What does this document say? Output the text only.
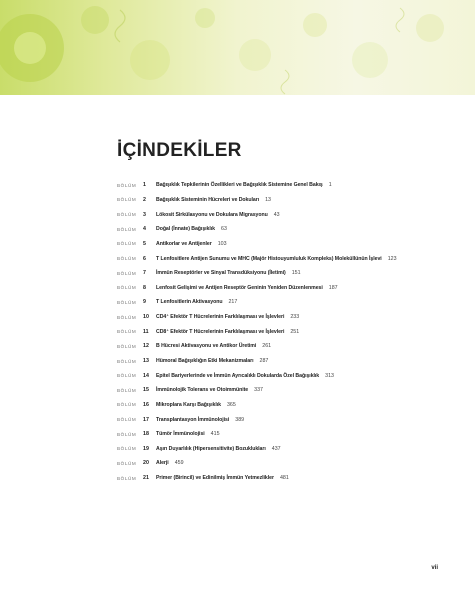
İÇİNDEKİLER
BÖLÜM	1	Bağışıklık Tepkilerinin Özellikleri ve Bağışıklık Sistemine Genel Bakış 1
BÖLÜM	2	Bağışıklık Sisteminin Hücreleri ve Dokuları 13
BÖLÜM	3	Lökosit Sirkülasyonu ve Dokulara Migrasyonu 43
BÖLÜM	4	Doğal (İnnate) Bağışıklık 63
BÖLÜM	5	Antikorlar ve Antijenler 103
BÖLÜM	6	T Lenfositlere Antijen Sunumu ve MHC (Majör Histouyumluluk Kompleks) Moleküllünün İşlevi 123
BÖLÜM	7	İmmün Reseptörler ve Sinyal Transdüksiyonu (İletimi) 151
BÖLÜM	8	Lenfosit Gelişimi ve Antijen Reseptör Geninin Yeniden Düzenlenmesi 187
BÖLÜM	9	T Lenfositlerin Aktivasyonu 217
BÖLÜM	10	CD4⁺ Efektör T Hücrelerinin Farklılaşması ve İşlevleri 233
BÖLÜM	11	CD8⁺ Efektör T Hücrelerinin Farklılaşması ve İşlevleri 251
BÖLÜM	12	B Hücresi Aktivasyonu ve Antikor Üretimi 261
BÖLÜM	13	Hümoral Bağışıklığın Etki Mekanizmaları 287
BÖLÜM	14	Epitel Bariyerlerinde ve İmmün Ayrıcalıklı Dokularda Özel Bağışıklık 313
BÖLÜM	15	İmmünolojik Tolerans ve Otoimmünite 337
BÖLÜM	16	Mikroplara Karşı Bağışıklık 365
BÖLÜM	17	Transplantasyon İmmünolojisi 389
BÖLÜM	18	Tümör İmmünolojisi 415
BÖLÜM	19	Aşırı Duyarlılık (Hipersensitivite) Bozuklukları 437
BÖLÜM	20	Alerji 459
BÖLÜM	21	Primer (Birincil) ve Edinilmiş İmmün Yetmezlikler 481
vii
